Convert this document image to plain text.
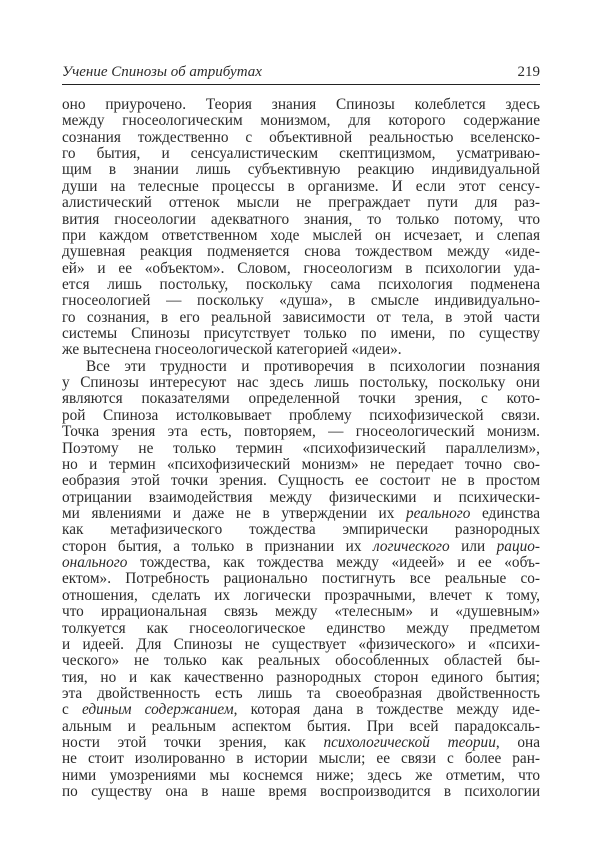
Учение Спинозы об атрибутах	219
оно приурочено. Теория знания Спинозы колеблется здесь
между гносеологическим монизмом, для которого содержание
сознания тождественно с объективной реальностью вселенско-
го бытия, и сенсуалистическим скептицизмом, усматриваю-
щим в знании лишь субъективную реакцию индивидуальной
души на телесные процессы в организме. И если этот сенсу-
алистический оттенок мысли не преграждает пути для раз-
вития гносеологии адекватного знания, то только потому, что
при каждом ответственном ходе мыслей он исчезает, и слепая
душевная реакция подменяется снова тождеством между «иде-
ей» и ее «объектом». Словом, гносеологизм в психологии уда-
ется лишь постольку, поскольку сама психология подменена
гносеологией — поскольку «душа», в смысле индивидуально-
го сознания, в его реальной зависимости от тела, в этой части
системы Спинозы присутствует только по имени, по существу
же вытеснена гносеологической категорией «идеи».
Все эти трудности и противоречия в психологии познания
у Спинозы интересуют нас здесь лишь постольку, поскольку они
являются показателями определенной точки зрения, с кото-
рой Спиноза истолковывает проблему психофизической связи.
Точка зрения эта есть, повторяем, — гносеологический монизм.
Поэтому не только термин «психофизический параллелизм»,
но и термин «психофизический монизм» не передает точно сво-
еобразия этой точки зрения. Сущность ее состоит не в простом
отрицании взаимодействия между физическими и психически-
ми явлениями и даже не в утверждении их реального единства
как метафизического тождества эмпирически разнородных
сторон бытия, а только в признании их логического или рацио-
онального тождества, как тождества между «идеей» и ее «объ-
ектом». Потребность рационально постигнуть все реальные со-
отношения, сделать их логически прозрачными, влечет к тому,
что иррациональная связь между «телесным» и «душевным»
толкуется как гносеологическое единство между предметом
и идеей. Для Спинозы не существует «физического» и «психи-
ческого» не только как реальных обособленных областей бы-
тия, но и как качественно разнородных сторон единого бытия;
эта двойственность есть лишь та своеобразная двойственность
с единым содержанием, которая дана в тождестве между иде-
альным и реальным аспектом бытия. При всей парадоксаль-
ности этой точки зрения, как психологической теории, она
не стоит изолированно в истории мысли; ее связи с более ран-
ними умозрениями мы коснемся ниже; здесь же отметим, что
по существу она в наше время воспроизводится в психологии
